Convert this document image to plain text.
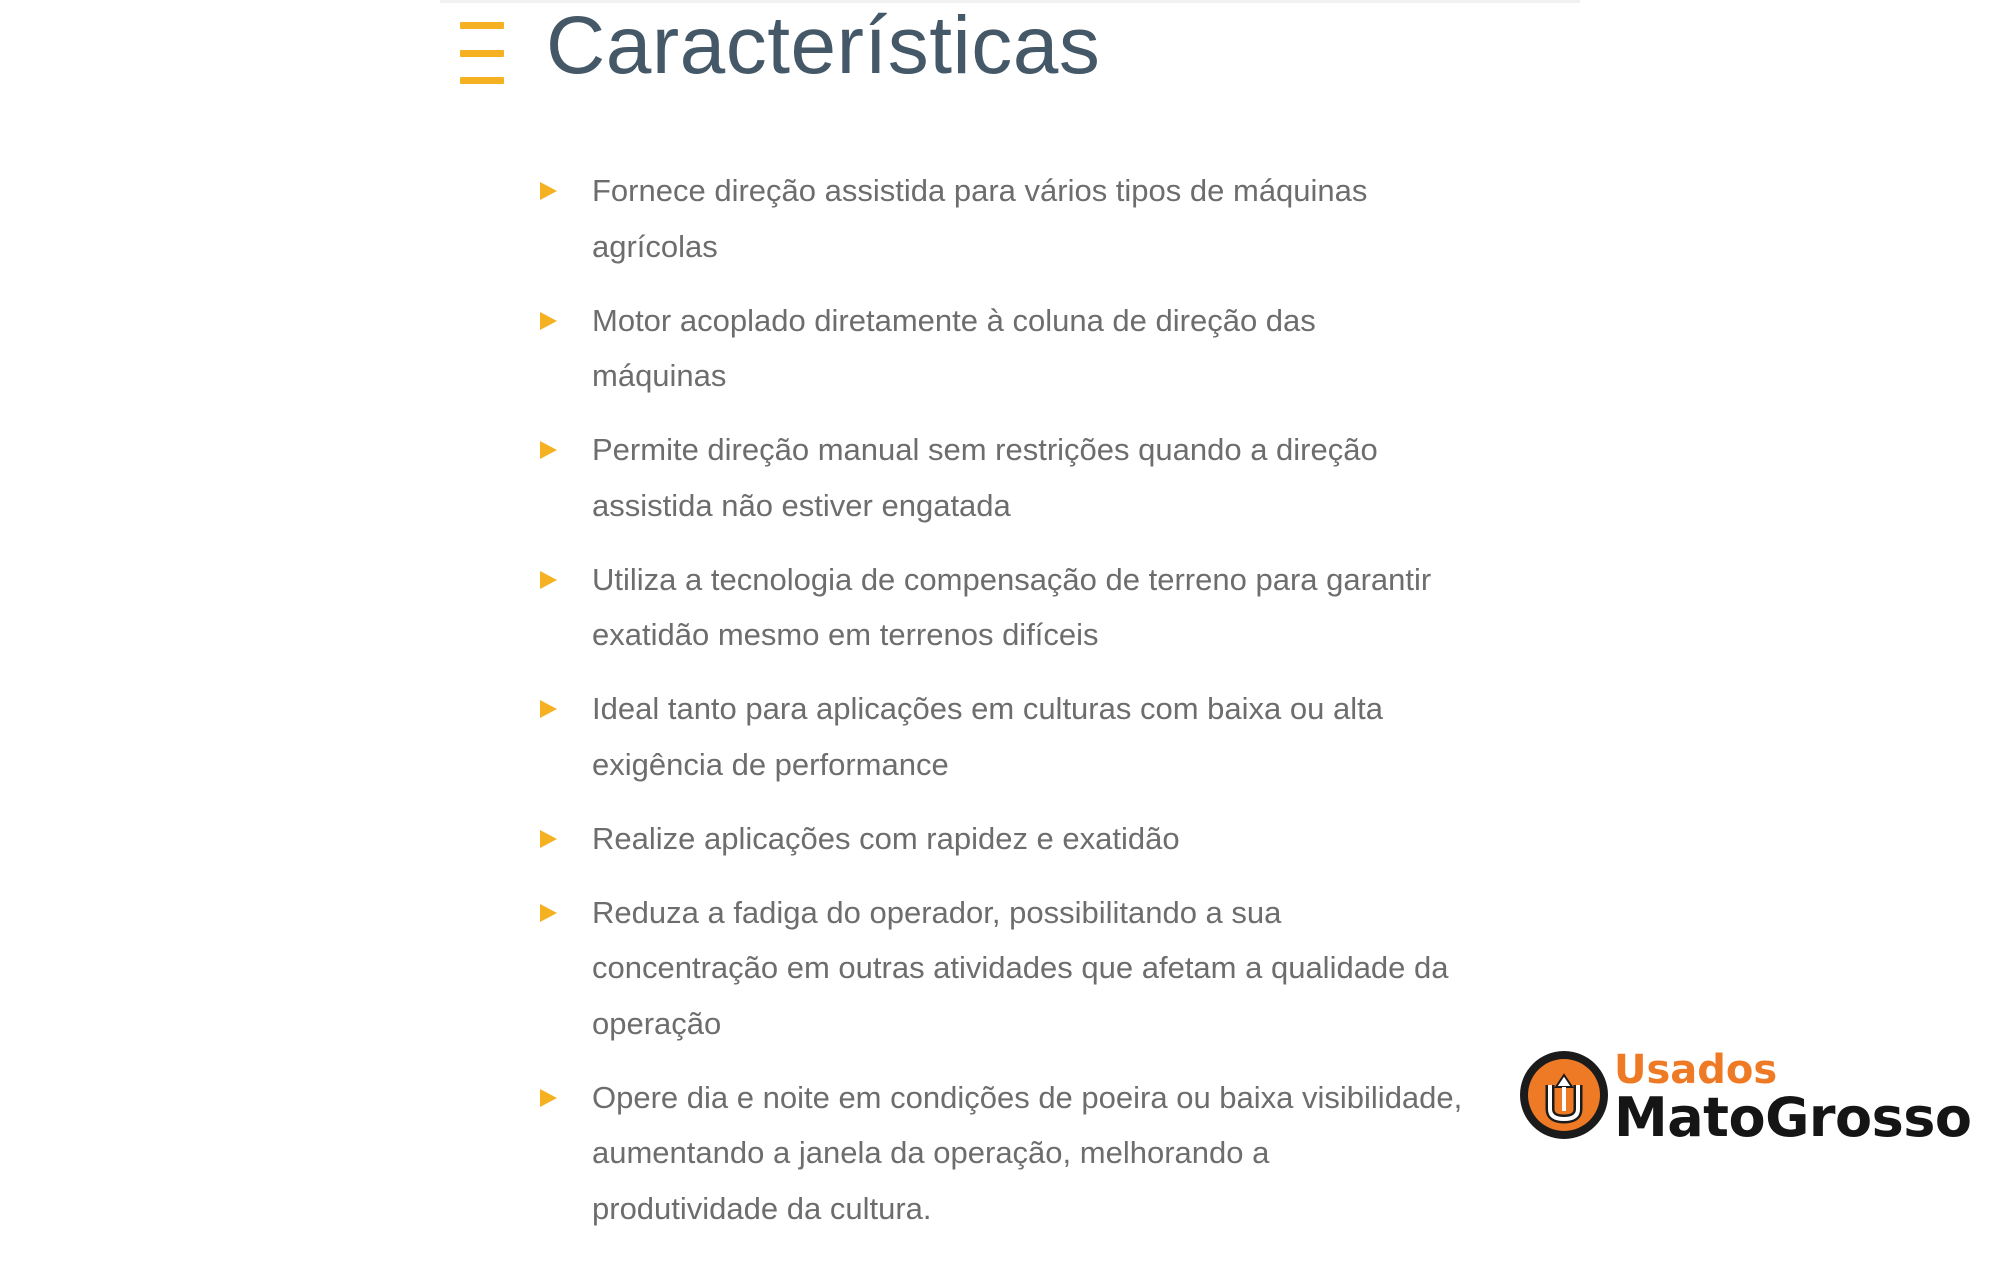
Características
Fornece direção assistida para vários tipos de máquinas
agrícolas
Motor acoplado diretamente à coluna de direção das
máquinas
Permite direção manual sem restrições quando a direção
assistida não estiver engatada
Utiliza a tecnologia de compensação de terreno para garantir
exatidão mesmo em terrenos difíceis
Ideal tanto para aplicações em culturas com baixa ou alta
exigência de performance
Realize aplicações com rapidez e exatidão
Reduza a fadiga do operador, possibilitando a sua
concentração em outras atividades que afetam a qualidade da
operação
Opere dia e noite em condições de poeira ou baixa visibilidade,
aumentando a janela da operação, melhorando a
produtividade da cultura.
Usados
MatoGrosso
